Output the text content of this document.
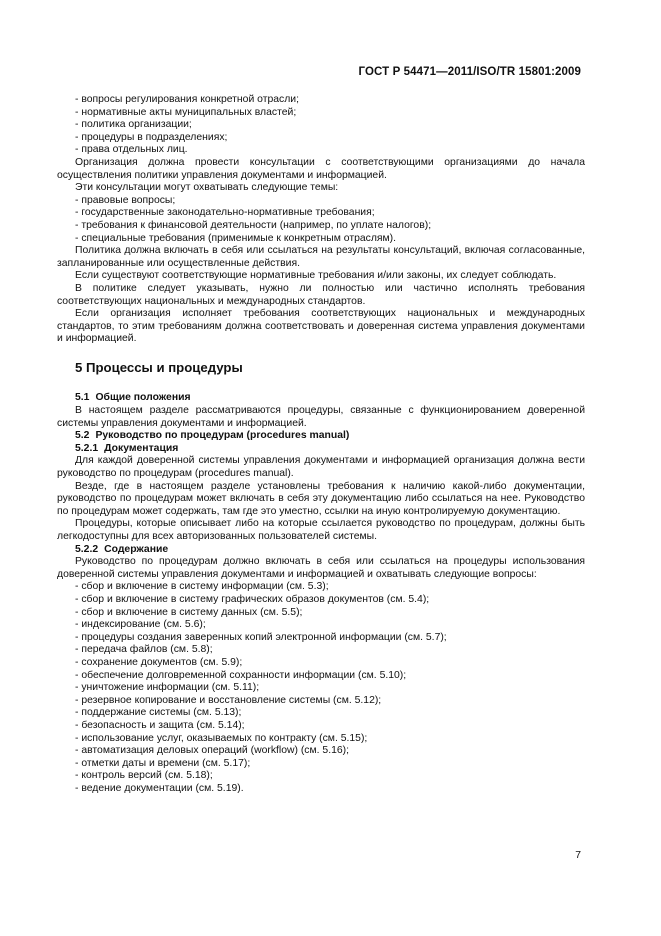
ГОСТ Р 54471—2011/ISO/TR 15801:2009

- вопросы регулирования конкретной отрасли;

- нормативные акты муниципальных властей;

- политика организации;

- процедуры в подразделениях;

- права отдельных лиц.

Организация должна провести консультации с соответствующими организациями до начала осуществления политики управления документами и информацией.

Эти консультации могут охватывать следующие темы:

- правовые вопросы;

- государственные законодательно-нормативные требования;

- требования к финансовой деятельности (например, по уплате налогов);

- специальные требования (применимые к конкретным отраслям).

Политика должна включать в себя или ссылаться на результаты консультаций, включая согласованные, запланированные или осуществленные действия.

Если существуют соответствующие нормативные требования и/или законы, их следует соблюдать.

В политике следует указывать, нужно ли полностью или частично исполнять требования соответствующих национальных и международных стандартов.

Если организация исполняет требования соответствующих национальных и международных стандартов, то этим требованиям должна соответствовать и доверенная система управления документами и информацией.

5 Процессы и процедуры

5.1 Общие положения

В настоящем разделе рассматриваются процедуры, связанные с функционированием доверенной системы управления документами и информацией.

5.2 Руководство по процедурам (procedures manual)

5.2.1 Документация

Для каждой доверенной системы управления документами и информацией организация должна вести руководство по процедурам (procedures manual).

Везде, где в настоящем разделе установлены требования к наличию какой-либо документации, руководство по процедурам может включать в себя эту документацию либо ссылаться на нее. Руководство по процедурам может содержать, там где это уместно, ссылки на иную контролируемую документацию.

Процедуры, которые описывает либо на которые ссылается руководство по процедурам, должны быть легкодоступны для всех авторизованных пользователей системы.

5.2.2 Содержание

Руководство по процедурам должно включать в себя или ссылаться на процедуры использования доверенной системы управления документами и информацией и охватывать следующие вопросы:

- сбор и включение в систему информации (см. 5.3);

- сбор и включение в систему графических образов документов (см. 5.4);

- сбор и включение в систему данных (см. 5.5);

- индексирование (см. 5.6);

- процедуры создания заверенных копий электронной информации (см. 5.7);

- передача файлов (см. 5.8);

- сохранение документов (см. 5.9);

- обеспечение долговременной сохранности информации (см. 5.10);

- уничтожение информации (см. 5.11);

- резервное копирование и восстановление системы (см. 5.12);

- поддержание системы (см. 5.13);

- безопасность и защита (см. 5.14);

- использование услуг, оказываемых по контракту (см. 5.15);

- автоматизация деловых операций (workflow) (см. 5.16);

- отметки даты и времени (см. 5.17);

- контроль версий (см. 5.18);

- ведение документации (см. 5.19).

7
